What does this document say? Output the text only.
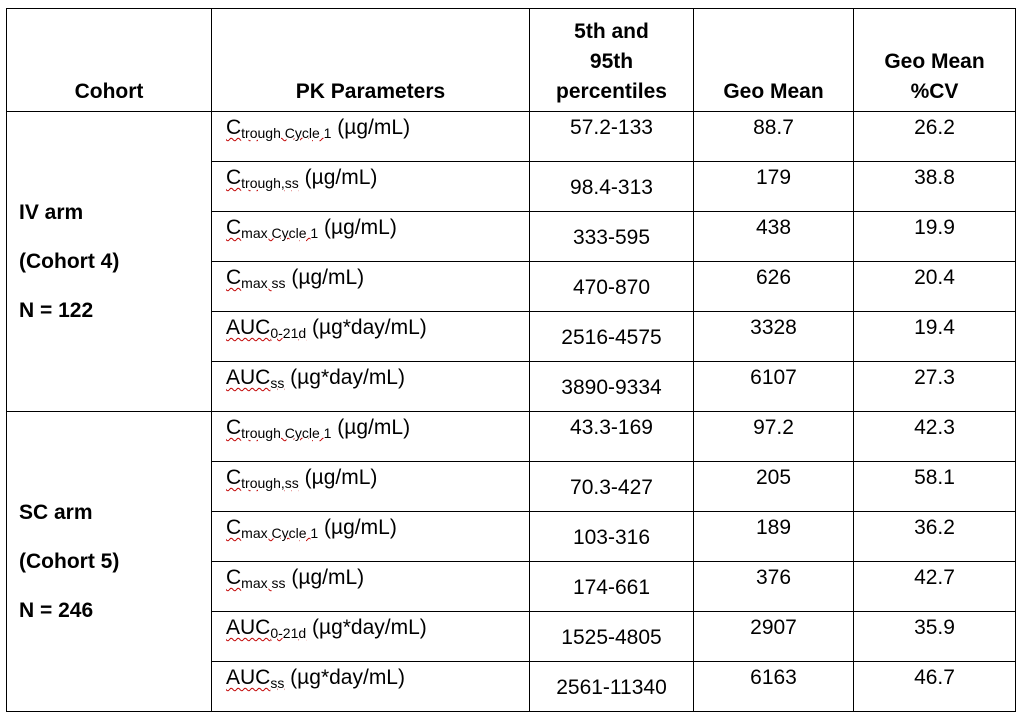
Cohort	PK Parameters	5th and
95th
percentiles	Geo Mean	Geo Mean
%CV

IV arm
(Cohort 4)
N = 122	Ctrough Cycle 1 (µg/mL)	57.2-133	88.7	26.2
	Ctrough,ss (µg/mL)	98.4-313	179	38.8
	Cmax Cycle 1 (µg/mL)	333-595	438	19.9
	Cmax ss (µg/mL)	470-870	626	20.4
	AUC0-21d (µg*day/mL)	2516-4575	3328	19.4
	AUCss (µg*day/mL)	3890-9334	6107	27.3

SC arm
(Cohort 5)
N = 246	Ctrough Cycle 1 (µg/mL)	43.3-169	97.2	42.3
	Ctrough,ss (µg/mL)	70.3-427	205	58.1
	Cmax Cycle 1 (µg/mL)	103-316	189	36.2
	Cmax ss (µg/mL)	174-661	376	42.7
	AUC0-21d (µg*day/mL)	1525-4805	2907	35.9
	AUCss (µg*day/mL)	2561-11340	6163	46.7
